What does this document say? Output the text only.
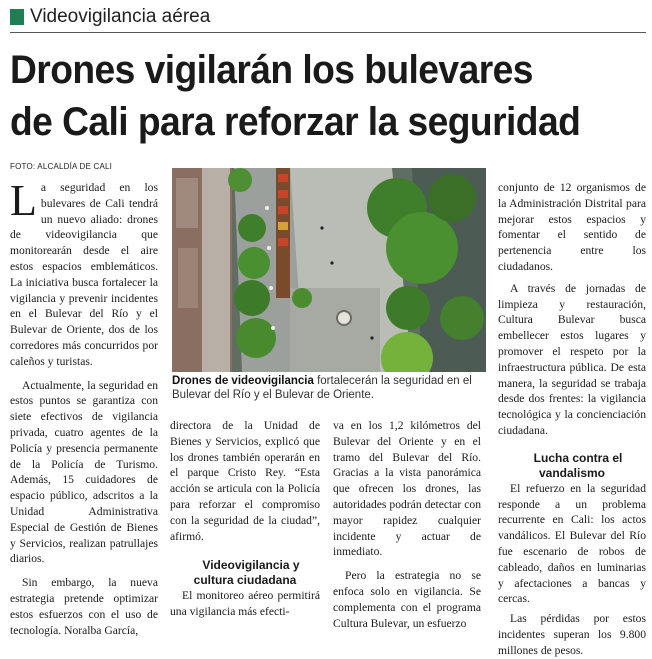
Videovigilancia aérea
Drones vigilarán los bulevares
de Cali para reforzar la seguridad
FOTO: ALCALDÍA DE CALI

La seguridad en los bulevares de Cali tendrá un nuevo aliado: drones de videovigilancia que monitorearán desde el aire estos espacios emblemáticos. La iniciativa busca fortalecer la vigilancia y prevenir incidentes en el Bulevar del Río y el Bulevar de Oriente, dos de los corredores más concurridos por caleños y turistas.

Actualmente, la seguridad en estos puntos se garantiza con siete efectivos de vigilancia privada, cuatro agentes de la Policía y presencia permanente de la Policía de Turismo. Además, 15 cuidadores de espacio público, adscritos a la Unidad Administrativa Especial de Gestión de Bienes y Servicios, realizan patrullajes diarios.

Sin embargo, la nueva estrategia pretende optimizar estos esfuerzos con el uso de tecnología. Noralba García,

Drones de videovigilancia fortalecerán la seguridad en el Bulevar del Río y el Bulevar de Oriente.

directora de la Unidad de Bienes y Servicios, explicó que los drones también operarán en el parque Cristo Rey. “Esta acción se articula con la Policía para reforzar el compromiso con la seguridad de la ciudad”, afirmó.

Videovigilancia y cultura ciudadana

El monitoreo aéreo permitirá una vigilancia más efecti-

va en los 1,2 kilómetros del Bulevar del Oriente y en el tramo del Bulevar del Río. Gracias a la vista panorámica que ofrecen los drones, las autoridades podrán detectar con mayor rapidez cualquier incidente y actuar de inmediato.

Pero la estrategia no se enfoca solo en vigilancia. Se complementa con el programa Cultura Bulevar, un esfuerzo

conjunto de 12 organismos de la Administración Distrital para mejorar estos espacios y fomentar el sentido de pertenencia entre los ciudadanos.

A través de jornadas de limpieza y restauración, Cultura Bulevar busca embellecer estos lugares y promover el respeto por la infraestructura pública. De esta manera, la seguridad se trabaja desde dos frentes: la vigilancia tecnológica y la concienciación ciudadana.

Lucha contra el vandalismo

El refuerzo en la seguridad responde a un problema recurrente en Cali: los actos vandálicos. El Bulevar del Río fue escenario de robos de cableado, daños en luminarias y afectaciones a bancas y cercas.

Las pérdidas por estos incidentes superan los 9.800 millones de pesos.
